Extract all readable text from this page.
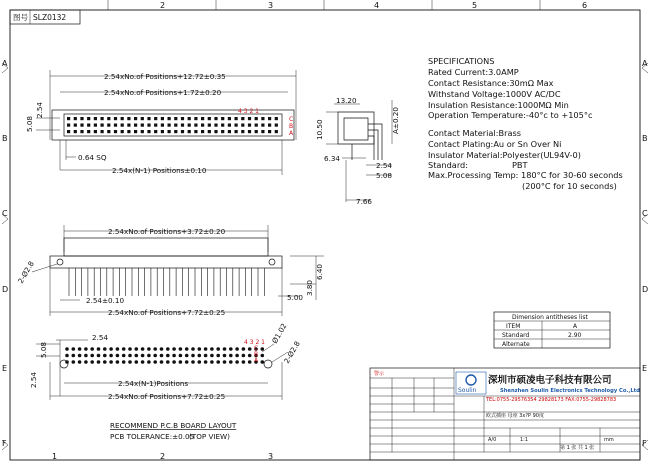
2	3	4	5	6
1	2	3
A
B
C
D
E
F
A
B
C
D
E
F
图号 SLZ0132
2.54xNo.of Positions+12.72±0.35
2.54xNo.of Positions+1.72±0.20
2.54
5.08
0.64 SQ
2.54x(N-1) Positions±0.10
4 3 2 1
C
B
A
13.20
10.50	A±0.20
6.34
2.54
5.08
7.66
SPECIFICATIONS
Rated Current:3.0AMP
Contact Resistance:30mΩ Max
Withstand Voltage:1000V AC/DC
Insulation Resistance:1000MΩ Min
Operation Temperature:-40°c to +105°c
Contact Material:Brass
Contact Plating:Au or Sn Over Ni
Insulator Material:Polyester(UL94V-0)
Standard:	PBT
Max.Processing Temp: 180°C for 30-60 seconds
(200°C for 10 seconds)
2.54xNo.of Positions+3.72±0.20
2-Ø2.8	6.40
3.80
5.00
2.54±0.10
2.54xNo.of Positions+7.72±0.25
2.54
5.08
2.54	2.54x(N-1)Positions
2.54xNo.of Positions+7.72±0.25
Ø1.02
2-Ø2.8
4 3 2 1
C
B
A
RECOMMEND P.C.B BOARD LAYOUT
PCB TOLERANCE:±0.05
(TOP VIEW)
Dimension antitheses list
ITEM	A
Standard	2.90
Alternate
警示
Soulin
深圳市硕凌电子科技有限公司
Shenzhen Soulin Electronics Technology Co.,Ltd
TEL:0755-29576354 29828173 FAX:0755-29828783
欧式插座 母座 3x?P 90度
1:1
A/0	mm
第 1 张 共 1 张
